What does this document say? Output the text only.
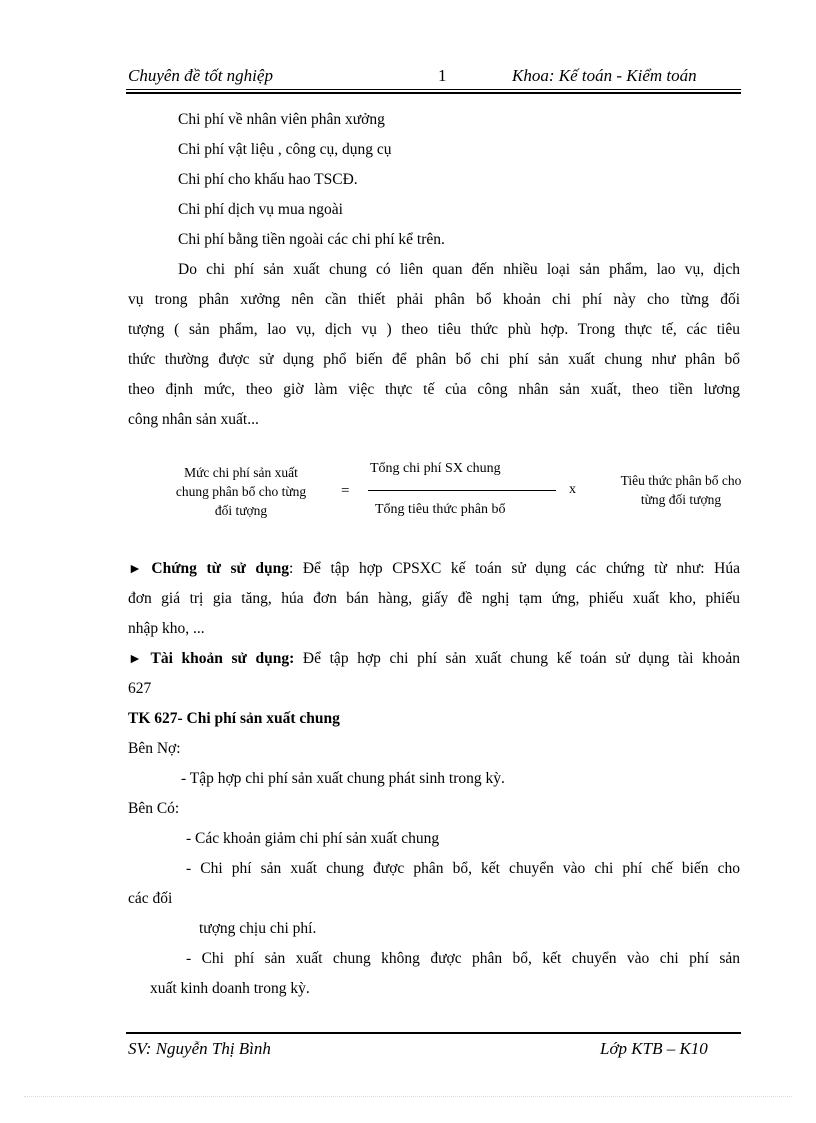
Chuyên đề tốt nghiệp	1	Khoa: Kế toán - Kiểm toán
Chi phí về nhân viên phân xưởng
Chi phí vật liệu , công cụ, dụng cụ
Chi phí cho khấu hao TSCĐ.
Chi phí dịch vụ mua ngoài
Chi phí bằng tiền ngoài các chi phí kể trên.
Do chi phí sản xuất chung có liên quan đến nhiều loại sản phẩm, lao vụ, dịch
vụ trong phân xưởng nên cần thiết phải phân bổ khoản chi phí này cho từng đối
tượng ( sản phẩm, lao vụ, dịch vụ ) theo tiêu thức phù hợp. Trong thực tế, các tiêu
thức thường được sử dụng phổ biến để phân bổ chi phí sản xuất chung như phân bổ
theo định mức, theo giờ làm việc thực tế của công nhân sản xuất, theo tiền lương
công nhân sản xuất...
Mức chi phí sản xuất
chung phân bổ cho từng
đối tượng
=
Tổng chi phí SX chung
Tổng tiêu thức phân bổ
x
Tiêu thức phân bổ cho
từng đối tượng
► Chứng từ sử dụng: Để tập hợp CPSXC kế toán sử dụng các chứng từ như: Húa
đơn giá trị gia tăng, húa đơn bán hàng, giấy đề nghị tạm ứng, phiếu xuất kho, phiếu
nhập kho, ...
► Tài khoản sử dụng: Để tập hợp chi phí sản xuất chung kế toán sử dụng tài khoản
627
TK 627- Chi phí sản xuất chung
Bên Nợ:
- Tập hợp chi phí sản xuất chung phát sinh trong kỳ.
Bên Có:
- Các khoản giảm chi phí sản xuất chung
- Chi phí sản xuất chung được phân bổ, kết chuyển vào chi phí chế biến cho
các đối
tượng chịu chi phí.
- Chi phí sản xuất chung không được phân bổ, kết chuyển vào chi phí sản
xuất kinh doanh trong kỳ.
SV: Nguyễn Thị Bình	Lớp KTB – K10
